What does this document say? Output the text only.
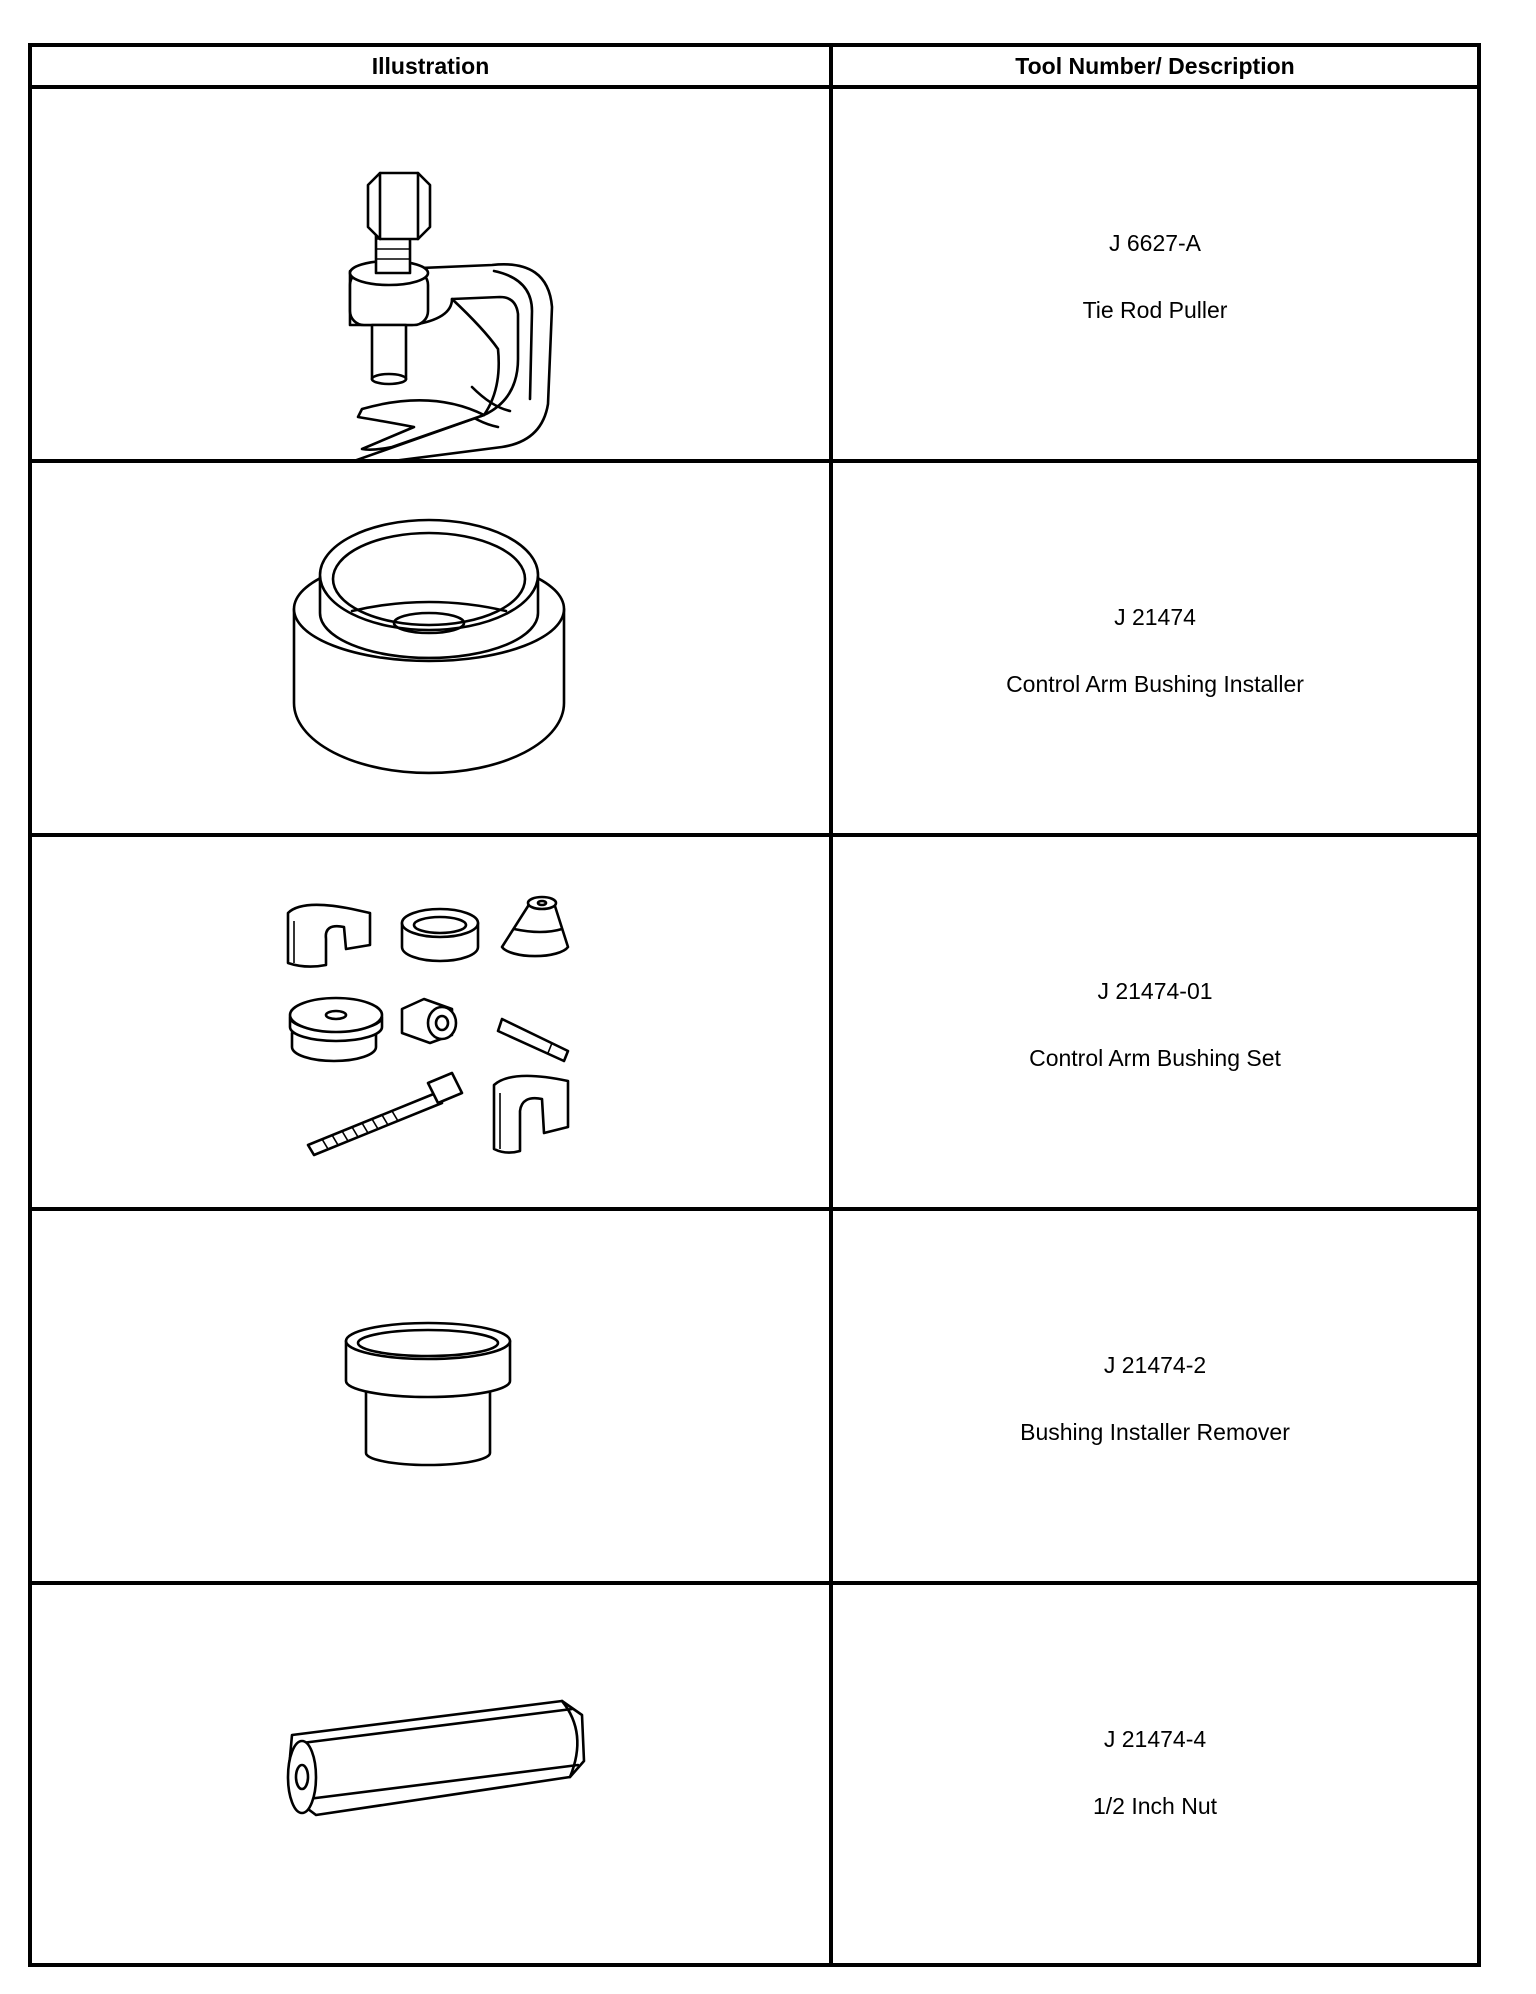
Illustration	Tool Number/ Description
J 6627-A
Tie Rod Puller
J 21474
Control Arm Bushing Installer
J 21474-01
Control Arm Bushing Set
J 21474-2
Bushing Installer Remover
J 21474-4
1/2 Inch Nut
